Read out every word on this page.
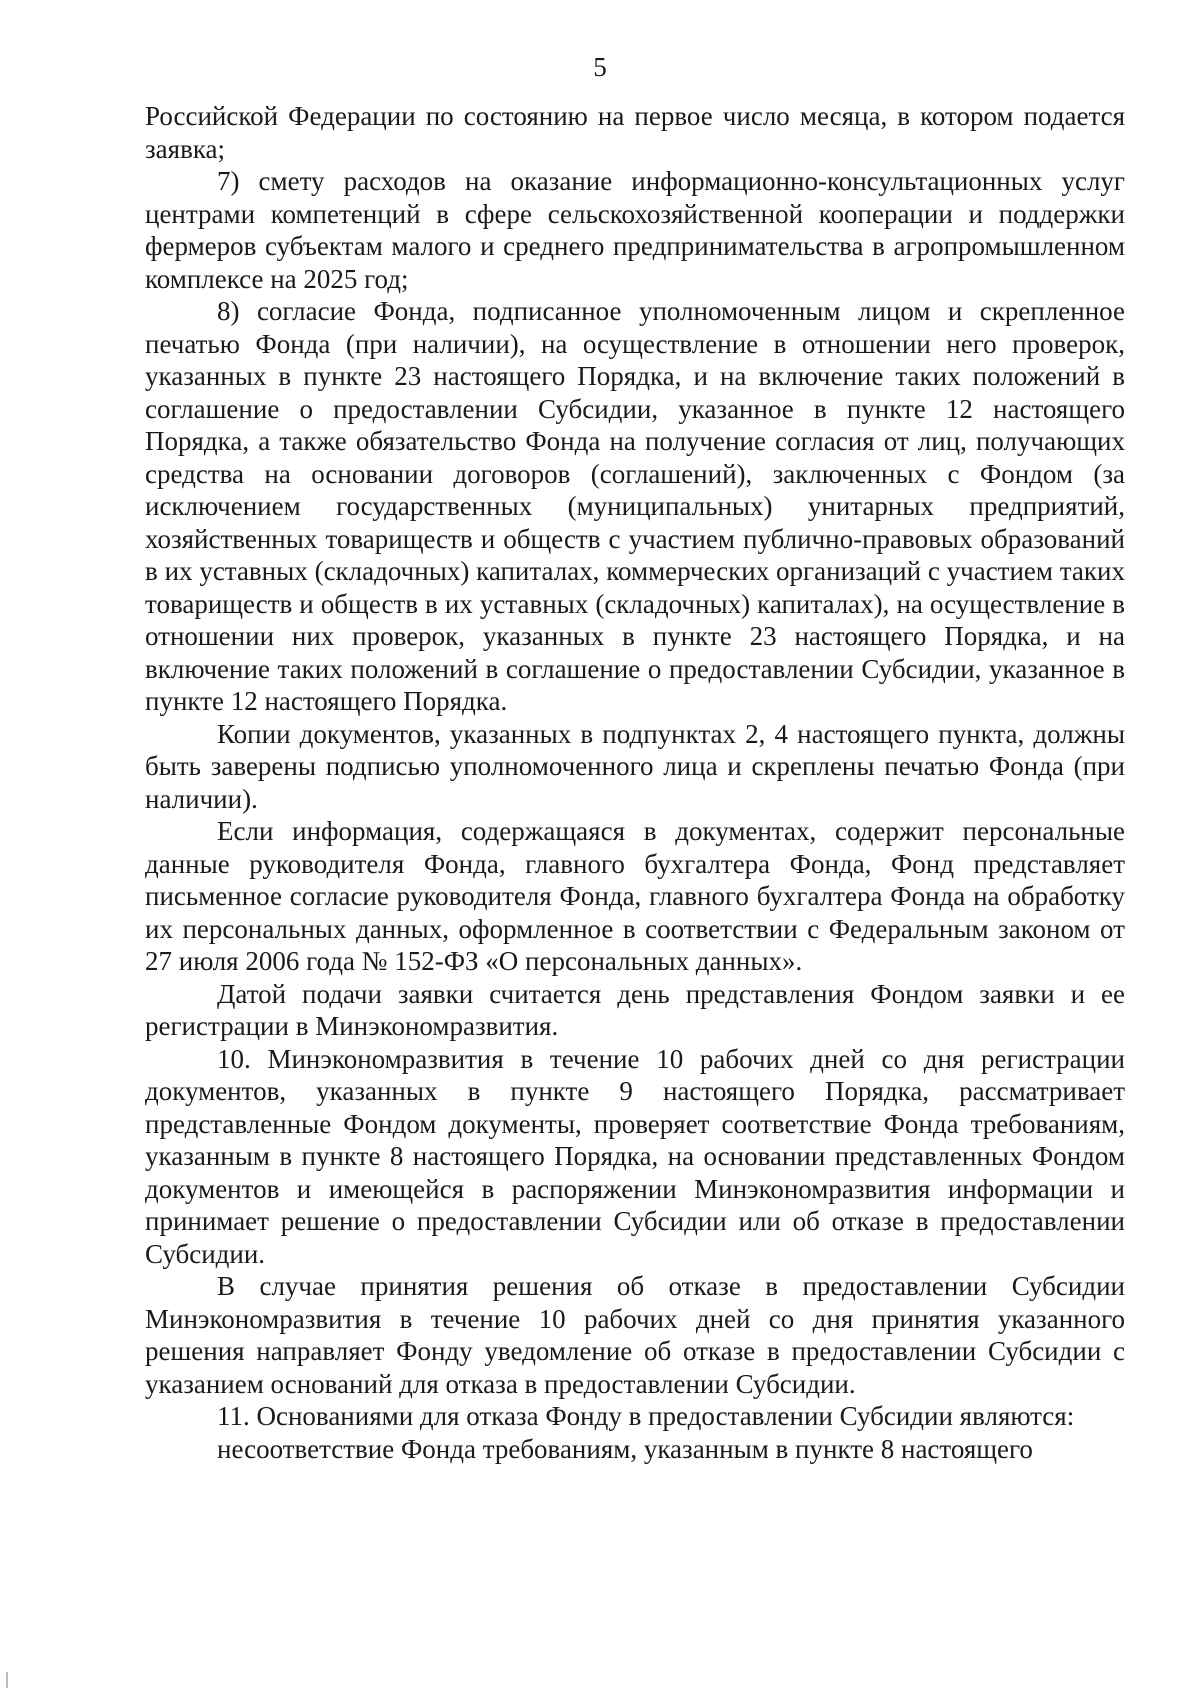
5

Российской Федерации по состоянию на первое число месяца, в котором подается заявка;

7) смету расходов на оказание информационно-консультационных услуг центрами компетенций в сфере сельскохозяйственной кооперации и поддержки фермеров субъектам малого и среднего предпринимательства в агропромышленном комплексе на 2025 год;

8) согласие Фонда, подписанное уполномоченным лицом и скрепленное печатью Фонда (при наличии), на осуществление в отношении него проверок, указанных в пункте 23 настоящего Порядка, и на включение таких положений в соглашение о предоставлении Субсидии, указанное в пункте 12 настоящего Порядка, а также обязательство Фонда на получение согласия от лиц, получающих средства на основании договоров (соглашений), заключенных с Фондом (за исключением государственных (муниципальных) унитарных предприятий, хозяйственных товариществ и обществ с участием публично-правовых образований в их уставных (складочных) капиталах, коммерческих организаций с участием таких товариществ и обществ в их уставных (складочных) капиталах), на осуществление в отношении них проверок, указанных в пункте 23 настоящего Порядка, и на включение таких положений в соглашение о предоставлении Субсидии, указанное в пункте 12 настоящего Порядка.

Копии документов, указанных в подпунктах 2, 4 настоящего пункта, должны быть заверены подписью уполномоченного лица и скреплены печатью Фонда (при наличии).

Если информация, содержащаяся в документах, содержит персональные данные руководителя Фонда, главного бухгалтера Фонда, Фонд представляет письменное согласие руководителя Фонда, главного бухгалтера Фонда на обработку их персональных данных, оформленное в соответствии с Федеральным законом от 27 июля 2006 года № 152-ФЗ «О персональных данных».

Датой подачи заявки считается день представления Фондом заявки и ее регистрации в Минэкономразвития.

10. Минэкономразвития в течение 10 рабочих дней со дня регистрации документов, указанных в пункте 9 настоящего Порядка, рассматривает представленные Фондом документы, проверяет соответствие Фонда требованиям, указанным в пункте 8 настоящего Порядка, на основании представленных Фондом документов и имеющейся в распоряжении Минэкономразвития информации и принимает решение о предоставлении Субсидии или об отказе в предоставлении Субсидии.

В случае принятия решения об отказе в предоставлении Субсидии Минэкономразвития в течение 10 рабочих дней со дня принятия указанного решения направляет Фонду уведомление об отказе в предоставлении Субсидии с указанием оснований для отказа в предоставлении Субсидии.

11. Основаниями для отказа Фонду в предоставлении Субсидии являются:

несоответствие Фонда требованиям, указанным в пункте 8 настоящего
